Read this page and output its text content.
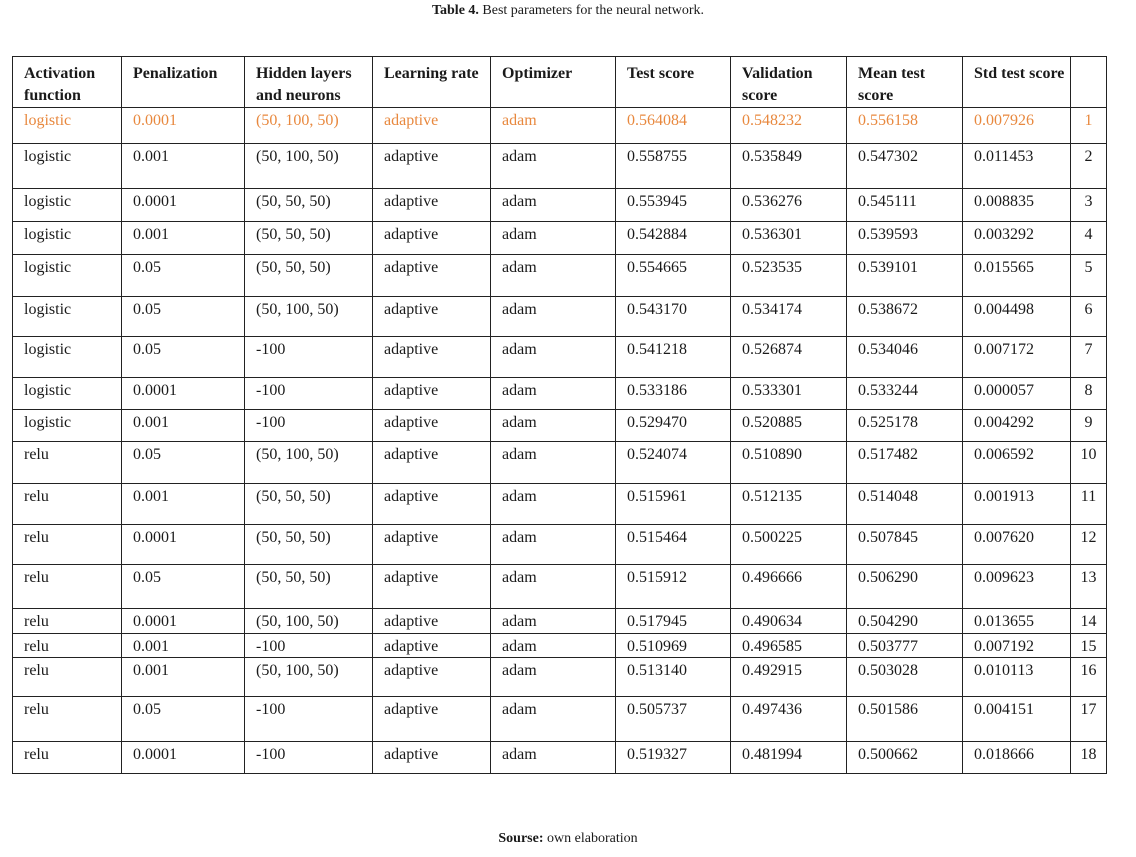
Table 4. Best parameters for the neural network.
Activation function	Penalization	Hidden layers and neurons	Learning rate	Optimizer	Test score	Validation score	Mean test score	Std test score	
logistic	0.0001	(50, 100, 50)	adaptive	adam	0.564084	0.548232	0.556158	0.007926	1
logistic	0.001	(50, 100, 50)	adaptive	adam	0.558755	0.535849	0.547302	0.011453	2
logistic	0.0001	(50, 50, 50)	adaptive	adam	0.553945	0.536276	0.545111	0.008835	3
logistic	0.001	(50, 50, 50)	adaptive	adam	0.542884	0.536301	0.539593	0.003292	4
logistic	0.05	(50, 50, 50)	adaptive	adam	0.554665	0.523535	0.539101	0.015565	5
logistic	0.05	(50, 100, 50)	adaptive	adam	0.543170	0.534174	0.538672	0.004498	6
logistic	0.05	-100	adaptive	adam	0.541218	0.526874	0.534046	0.007172	7
logistic	0.0001	-100	adaptive	adam	0.533186	0.533301	0.533244	0.000057	8
logistic	0.001	-100	adaptive	adam	0.529470	0.520885	0.525178	0.004292	9
relu	0.05	(50, 100, 50)	adaptive	adam	0.524074	0.510890	0.517482	0.006592	10
relu	0.001	(50, 50, 50)	adaptive	adam	0.515961	0.512135	0.514048	0.001913	11
relu	0.0001	(50, 50, 50)	adaptive	adam	0.515464	0.500225	0.507845	0.007620	12
relu	0.05	(50, 50, 50)	adaptive	adam	0.515912	0.496666	0.506290	0.009623	13
relu	0.0001	(50, 100, 50)	adaptive	adam	0.517945	0.490634	0.504290	0.013655	14
relu	0.001	-100	adaptive	adam	0.510969	0.496585	0.503777	0.007192	15
relu	0.001	(50, 100, 50)	adaptive	adam	0.513140	0.492915	0.503028	0.010113	16
relu	0.05	-100	adaptive	adam	0.505737	0.497436	0.501586	0.004151	17
relu	0.0001	-100	adaptive	adam	0.519327	0.481994	0.500662	0.018666	18
Sourse: own elaboration
